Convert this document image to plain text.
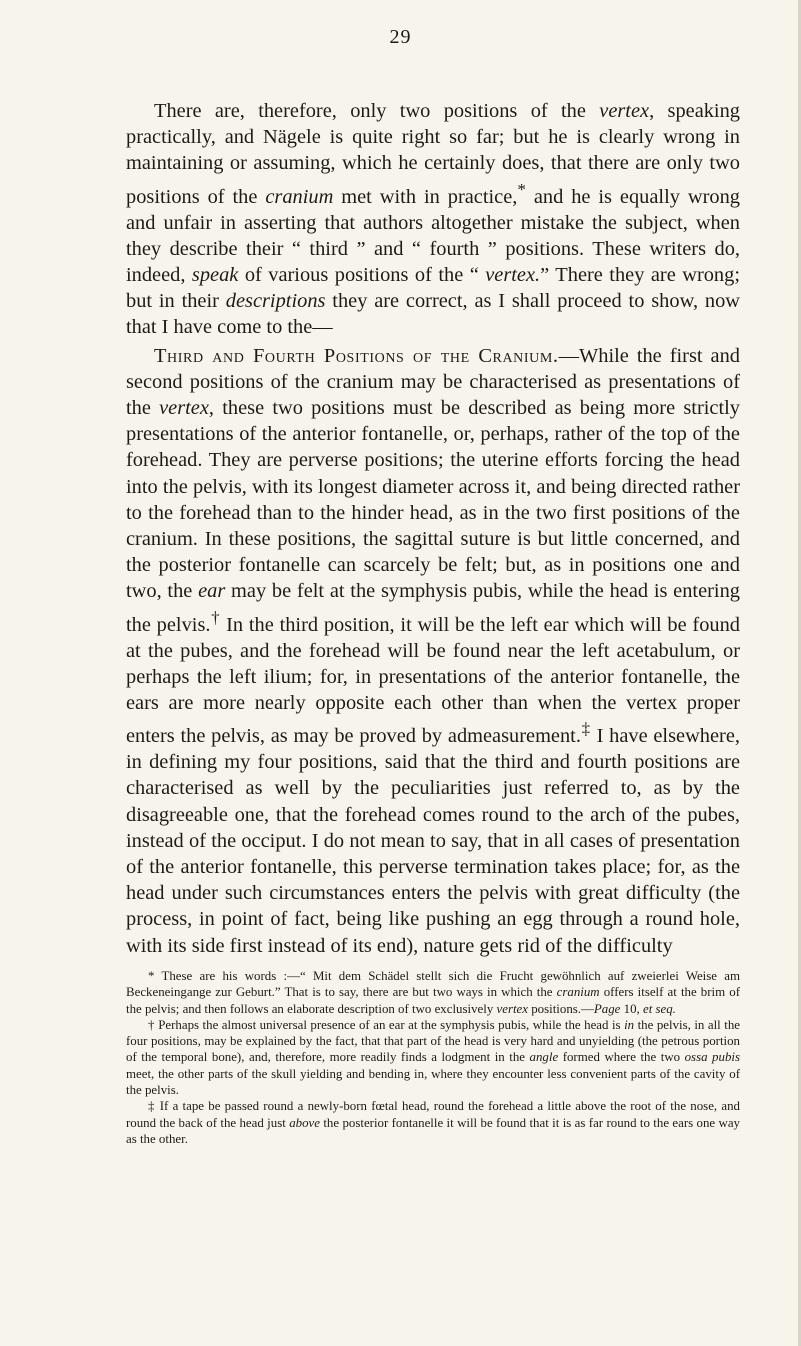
29

There are, therefore, only two positions of the vertex, speaking practically, and Nägele is quite right so far; but he is clearly wrong in maintaining or assuming, which he certainly does, that there are only two positions of the cranium met with in practice,* and he is equally wrong and unfair in asserting that authors altogether mistake the subject, when they describe their “ third ” and “ fourth ” positions. These writers do, indeed, speak of various positions of the “ vertex.” There they are wrong; but in their descriptions they are correct, as I shall proceed to show, now that I have come to the—

Third and Fourth Positions of the Cranium.—While the first and second positions of the cranium may be characterised as presentations of the vertex, these two positions must be described as being more strictly presentations of the anterior fontanelle, or, perhaps, rather of the top of the forehead. They are perverse positions; the uterine efforts forcing the head into the pelvis, with its longest diameter across it, and being directed rather to the forehead than to the hinder head, as in the two first positions of the cranium. In these positions, the sagittal suture is but little concerned, and the posterior fontanelle can scarcely be felt; but, as in positions one and two, the ear may be felt at the symphysis pubis, while the head is entering the pelvis.† In the third position, it will be the left ear which will be found at the pubes, and the forehead will be found near the left acetabulum, or perhaps the left ilium; for, in presentations of the anterior fontanelle, the ears are more nearly opposite each other than when the vertex proper enters the pelvis, as may be proved by admeasurement.‡ I have elsewhere, in defining my four positions, said that the third and fourth positions are characterised as well by the peculiarities just referred to, as by the disagreeable one, that the forehead comes round to the arch of the pubes, instead of the occiput. I do not mean to say, that in all cases of presentation of the anterior fontanelle, this perverse termination takes place; for, as the head under such circumstances enters the pelvis with great difficulty (the process, in point of fact, being like pushing an egg through a round hole, with its side first instead of its end), nature gets rid of the difficulty

* These are his words :—“ Mit dem Schädel stellt sich die Frucht gewöhnlich auf zweierlei Weise am Beckeneingange zur Geburt.” That is to say, there are but two ways in which the cranium offers itself at the brim of the pelvis; and then follows an elaborate description of two exclusively vertex positions.—Page 10, et seq.

† Perhaps the almost universal presence of an ear at the symphysis pubis, while the head is in the pelvis, in all the four positions, may be explained by the fact, that that part of the head is very hard and unyielding (the petrous portion of the temporal bone), and, therefore, more readily finds a lodgment in the angle formed where the two ossa pubis meet, the other parts of the skull yielding and bending in, where they encounter less convenient parts of the cavity of the pelvis.

‡ If a tape be passed round a newly-born fœtal head, round the forehead a little above the root of the nose, and round the back of the head just above the posterior fontanelle it will be found that it is as far round to the ears one way as the other.
